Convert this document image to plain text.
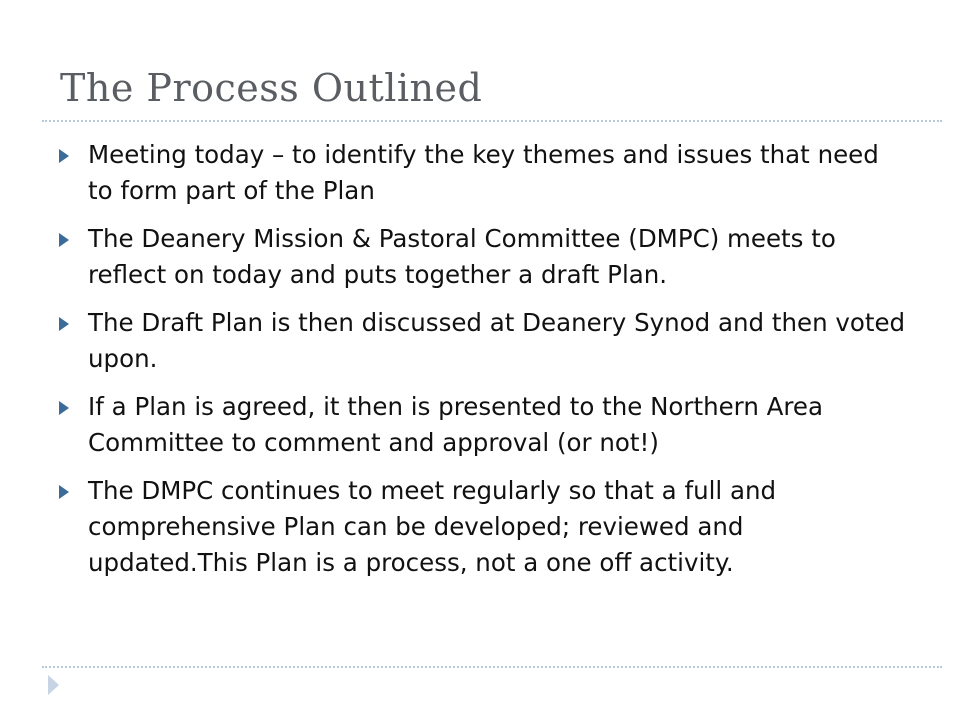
The Process Outlined
Meeting today – to identify the key themes and issues that need to form part of the Plan
The Deanery Mission & Pastoral Committee (DMPC) meets to reflect on today and puts together a draft Plan.
The Draft Plan is then discussed at Deanery Synod and then voted upon.
If a Plan is agreed, it then is presented to the Northern Area Committee to comment and approval (or not!)
The DMPC continues to meet regularly so that a full and comprehensive Plan can be developed; reviewed and updated.This Plan is a process, not a one off activity.
